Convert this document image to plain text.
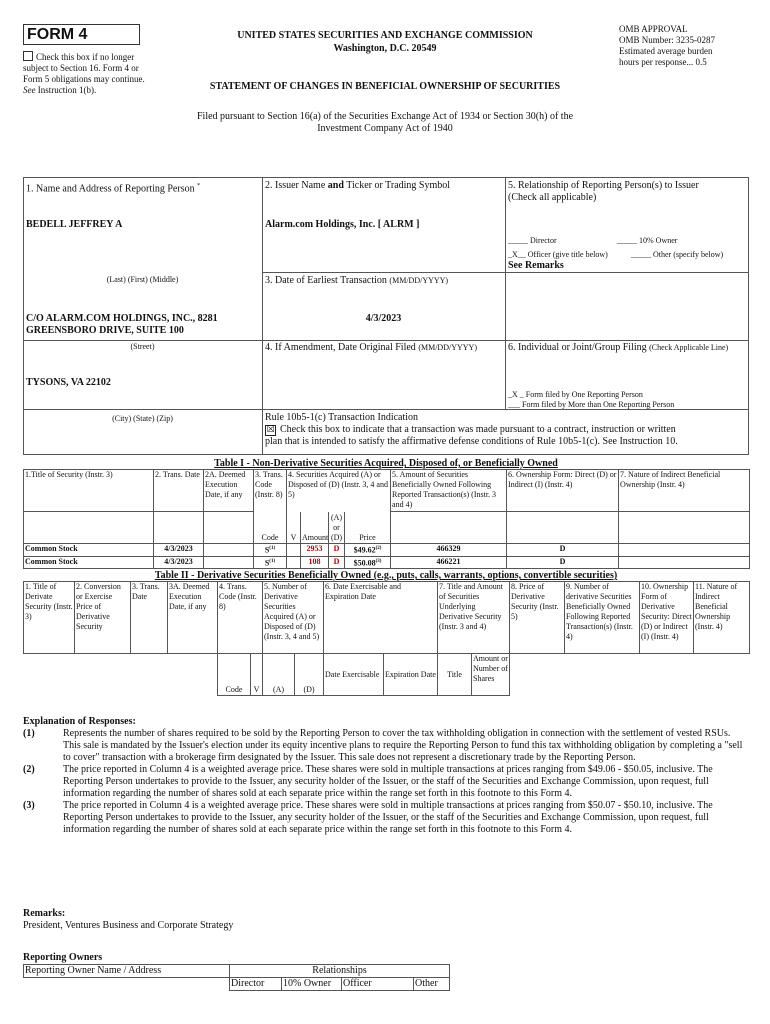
FORM 4
Check this box if no longer subject to Section 16. Form 4 or Form 5 obligations may continue. See Instruction 1(b).
UNITED STATES SECURITIES AND EXCHANGE COMMISSION
Washington, D.C. 20549
STATEMENT OF CHANGES IN BENEFICIAL OWNERSHIP OF SECURITIES
OMB APPROVAL
OMB Number: 3235-0287
Estimated average burden
hours per response... 0.5
Filed pursuant to Section 16(a) of the Securities Exchange Act of 1934 or Section 30(h) of the
Investment Company Act of 1940
1. Name and Address of Reporting Person *
BEDELL JEFFREY A
(Last) (First) (Middle)
C/O ALARM.COM HOLDINGS, INC., 8281
GREENSBORO DRIVE, SUITE 100
(Street)
TYSONS, VA 22102
(City) (State) (Zip)
2. Issuer Name and Ticker or Trading Symbol
Alarm.com Holdings, Inc. [ ALRM ]
3. Date of Earliest Transaction (MM/DD/YYYY)
4/3/2023
4. If Amendment, Date Original Filed (MM/DD/YYYY)
5. Relationship of Reporting Person(s) to Issuer
(Check all applicable)
_____ Director	_____ 10% Owner
_X__ Officer (give title below)	_____ Other (specify below)
See Remarks
6. Individual or Joint/Group Filing (Check Applicable Line)
_X _ Form filed by One Reporting Person
___ Form filed by More than One Reporting Person
Rule 10b5-1(c) Transaction Indication
☒ Check this box to indicate that a transaction was made pursuant to a contract, instruction or written
plan that is intended to satisfy the affirmative defense conditions of Rule 10b5-1(c). See Instruction 10.
Table I - Non-Derivative Securities Acquired, Disposed of, or Beneficially Owned
1.Title of Security (Instr. 3)	2. Trans. Date	2A. Deemed Execution Date, if any	3. Trans. Code (Instr. 8)	4. Securities Acquired (A) or Disposed of (D) (Instr. 3, 4 and 5)				5. Amount of Securities Beneficially Owned Following Reported Transaction(s) (Instr. 3 and 4)	6. Ownership Form: Direct (D) or Indirect (I) (Instr. 4)	7. Nature of Indirect Beneficial Ownership (Instr. 4)
			Code	V	Amount	(A) or (D)	Price			
Common Stock	4/3/2023		$S^{(1)}$		2953	D	$49.62$^{(2)}$	466329	D	
Common Stock	4/3/2023		$S^{(1)}$		108	D	$50.08$^{(3)}$	466221	D	
Table II - Derivative Securities Beneficially Owned (e.g., puts, calls, warrants, options, convertible securities)
1. Title of Derivate Security (Instr. 3)	2. Conversion or Exercise Price of Derivative Security	3. Trans. Date	3A. Deemed Execution Date, if any	4. Trans. Code (Instr. 8)		5. Number of Derivative Securities Acquired (A) or Disposed of (D) (Instr. 3, 4 and 5)		6. Date Exercisable and Expiration Date		7. Title and Amount of Securities Underlying Derivative Security (Instr. 3 and 4)		8. Price of Derivative Security (Instr. 5)	9. Number of derivative Securities Beneficially Owned Following Reported Transaction(s) (Instr. 4)	10. Ownership Form of Derivative Security: Direct (D) or Indirect (I) (Instr. 4)	11. Nature of Indirect Beneficial Ownership (Instr. 4)
				Code	V	(A)	(D)	Date Exercisable	Expiration Date	Title	Amount or Number of Shares				
Explanation of Responses:
(1)	Represents the number of shares required to be sold by the Reporting Person to cover the tax withholding obligation in connection with the settlement of vested RSUs. This sale is mandated by the Issuer's election under its equity incentive plans to require the Reporting Person to fund this tax withholding obligation by completing a "sell to cover" transaction with a brokerage firm designated by the Issuer. This sale does not represent a discretionary trade by the Reporting Person.
(2)	The price reported in Column 4 is a weighted average price. These shares were sold in multiple transactions at prices ranging from $49.06 - $50.05, inclusive. The Reporting Person undertakes to provide to the Issuer, any security holder of the Issuer, or the staff of the Securities and Exchange Commission, upon request, full information regarding the number of shares sold at each separate price within the range set forth in this footnote to this Form 4.
(3)	The price reported in Column 4 is a weighted average price. These shares were sold in multiple transactions at prices ranging from $50.07 - $50.10, inclusive. The Reporting Person undertakes to provide to the Issuer, any security holder of the Issuer, or the staff of the Securities and Exchange Commission, upon request, full information regarding the number of shares sold at each separate price within the range set forth in this footnote to this Form 4.
Remarks:
President, Ventures Business and Corporate Strategy
Reporting Owners
Reporting Owner Name / Address	Relationships			
	Director	10% Owner	Officer	Other
